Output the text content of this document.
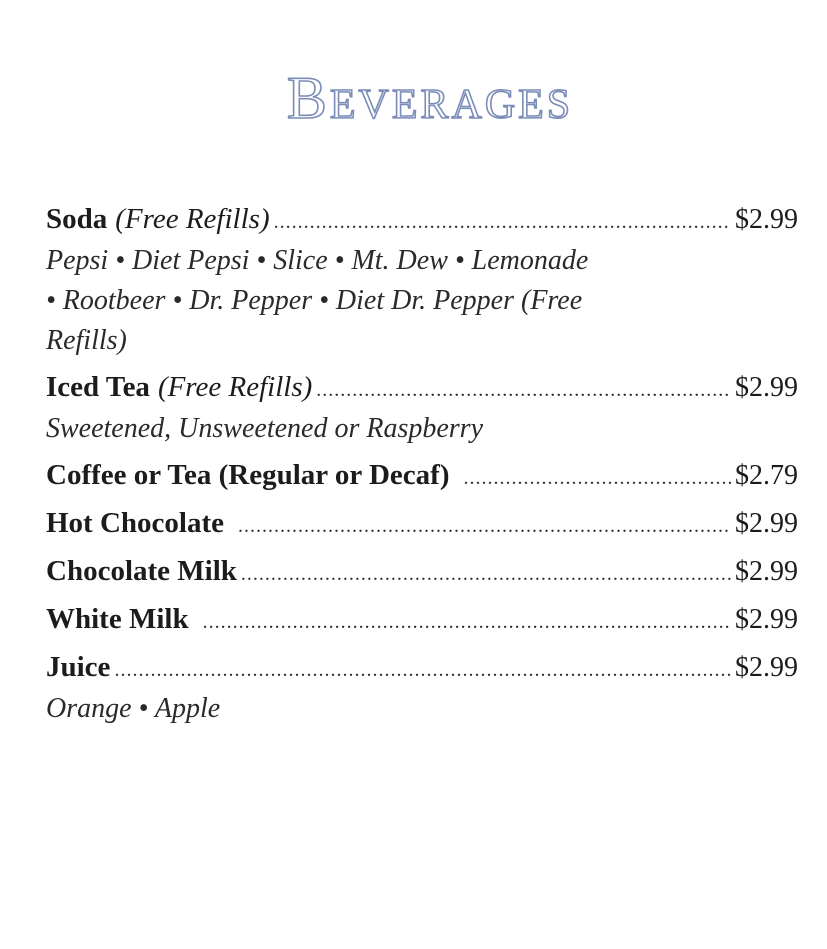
Beverages
Soda (Free Refills) .....	$2.99
Pepsi • Diet Pepsi • Slice • Mt. Dew • Lemonade
• Rootbeer • Dr. Pepper • Diet Dr. Pepper (Free
Refills)
Iced Tea (Free Refills) .....	$2.99
Sweetened, Unsweetened or Raspberry
Coffee or Tea (Regular or Decaf) .....	$2.79
Hot Chocolate .....	$2.99
Chocolate Milk .....	$2.99
White Milk .....	$2.99
Juice .....	$2.99
Orange • Apple
